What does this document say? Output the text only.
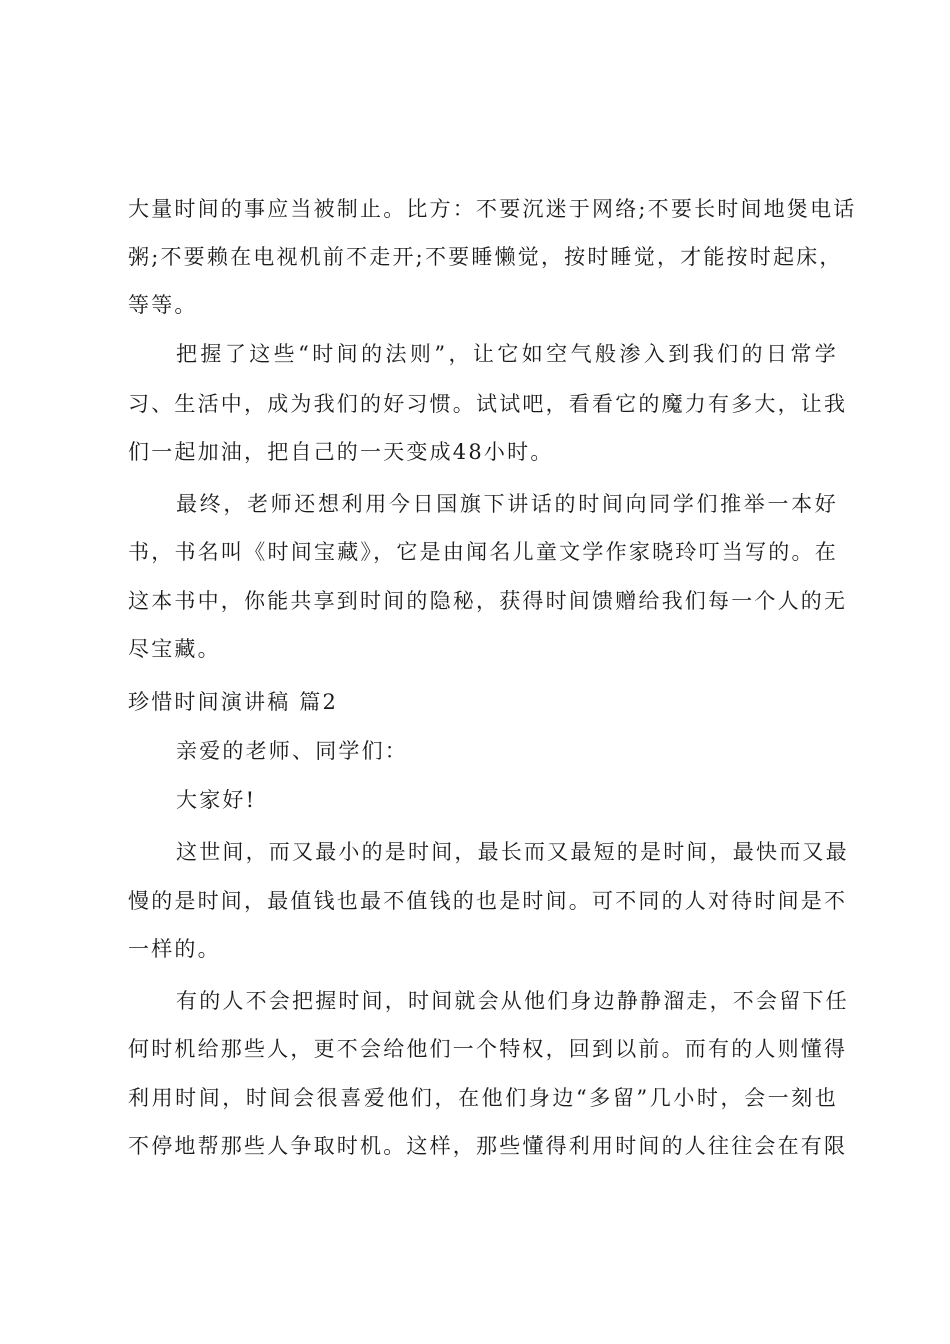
大量时间的事应当被制止。比方：不要沉迷于网络;不要长时间地煲电话
粥;不要赖在电视机前不走开;不要睡懒觉，按时睡觉，才能按时起床，
等等。
把握了这些“时间的法则”，让它如空气般渗入到我们的日常学
习、生活中，成为我们的好习惯。试试吧，看看它的魔力有多大，让我
们一起加油，把自己的一天变成48小时。
最终，老师还想利用今日国旗下讲话的时间向同学们推举一本好
书，书名叫《时间宝藏》，它是由闻名儿童文学作家晓玲叮当写的。在
这本书中，你能共享到时间的隐秘，获得时间馈赠给我们每一个人的无
尽宝藏。
珍惜时间演讲稿 篇2
亲爱的老师、同学们：
大家好!
这世间，而又最小的是时间，最长而又最短的是时间，最快而又最
慢的是时间，最值钱也最不值钱的也是时间。可不同的人对待时间是不
一样的。
有的人不会把握时间，时间就会从他们身边静静溜走，不会留下任
何时机给那些人，更不会给他们一个特权，回到以前。而有的人则懂得
利用时间，时间会很喜爱他们，在他们身边“多留”几小时，会一刻也
不停地帮那些人争取时机。这样，那些懂得利用时间的人往往会在有限
